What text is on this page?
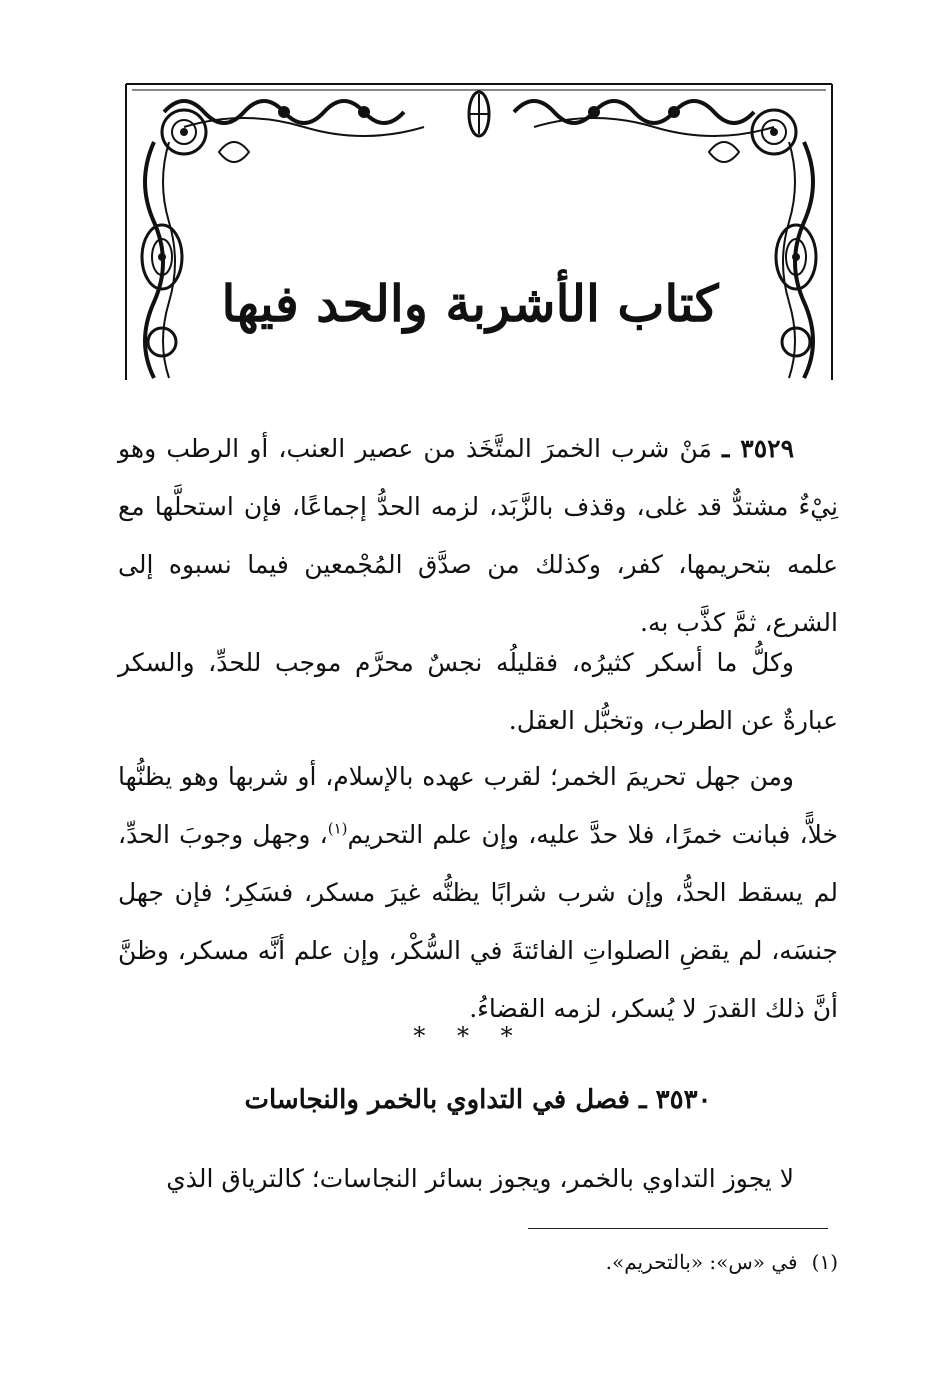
كتاب الأشربة والحد فيها
٣٥٢٩ ـ مَنْ شرب الخمرَ المتَّخَذ من عصير العنب، أو الرطب وهو نِيْءٌ مشتدٌّ قد غلى، وقذف بالزَّبَد، لزمه الحدُّ إجماعًا، فإن استحلَّها مع علمه بتحريمها، كفر، وكذلك من صدَّق المُجْمعين فيما نسبوه إلى الشرع، ثمَّ كذَّب به.
وكلُّ ما أسكر كثيرُه، فقليلُه نجسٌ محرَّم موجب للحدِّ، والسكر عبارةٌ عن الطرب، وتخبُّل العقل.
ومن جهل تحريمَ الخمر؛ لقرب عهده بالإسلام، أو شربها وهو يظنُّها خلاًّ، فبانت خمرًا، فلا حدَّ عليه، وإن علم التحريم$^{(١)}$، وجهل وجوبَ الحدِّ، لم يسقط الحدُّ، وإن شرب شرابًا يظنُّه غيرَ مسكر، فسَكِر؛ فإن جهل جنسَه، لم يقضِ الصلواتِ الفائتةَ في السُّكْر، وإن علم أنَّه مسكر، وظنَّ أنَّ ذلك القدرَ لا يُسكر، لزمه القضاءُ.
* * *
٣٥٣٠ ـ فصل في التداوي بالخمر والنجاسات
لا يجوز التداوي بالخمر، ويجوز بسائر النجاسات؛ كالترياق الذي
(١)في «س»: «بالتحريم».
